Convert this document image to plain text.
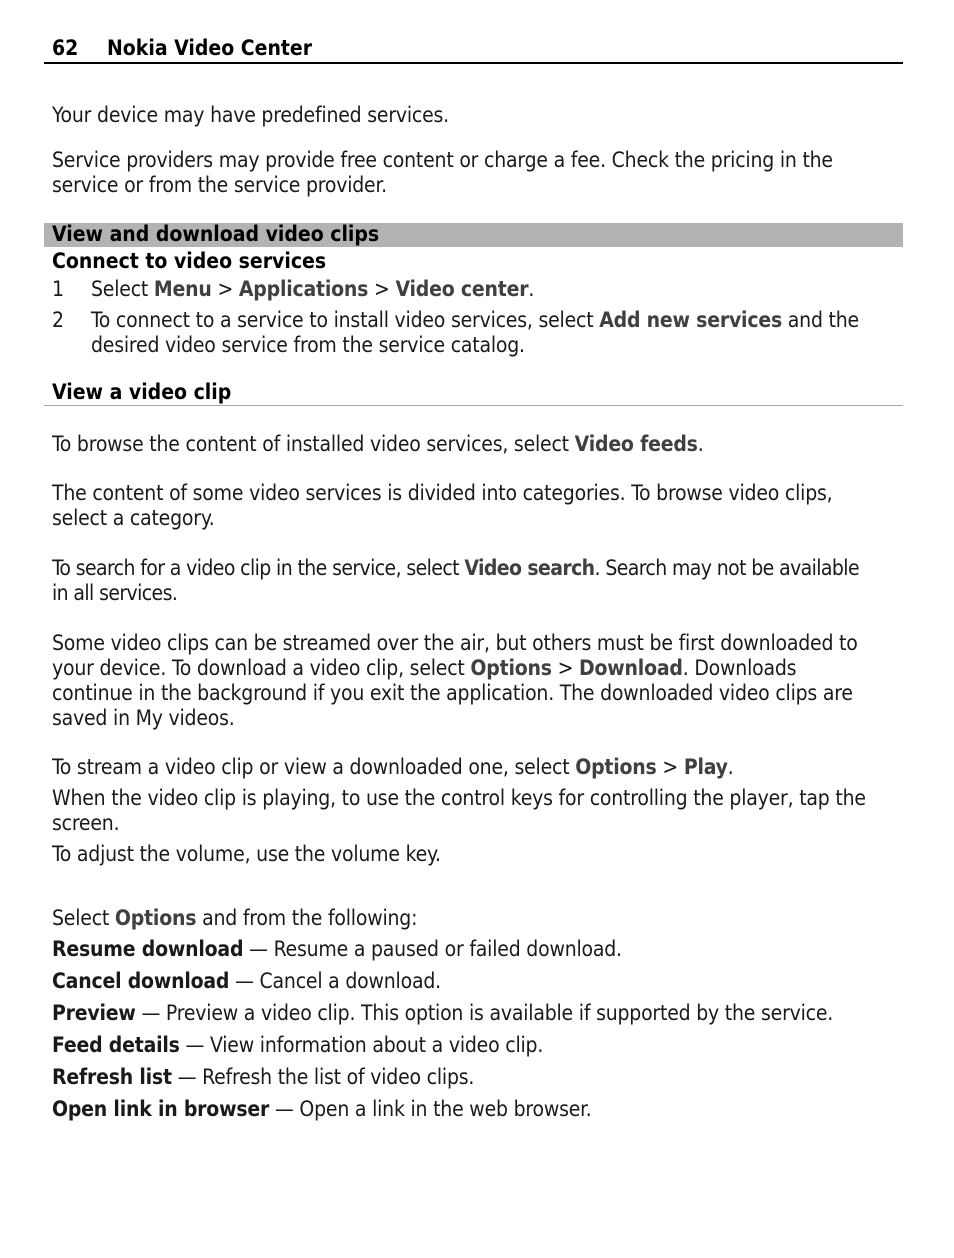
62 Nokia Video Center

Your device may have predefined services.

Service providers may provide free content or charge a fee. Check the pricing in the
service or from the service provider.

View and download video clips

Connect to video services

1 Select Menu > Applications > Video center.

2 To connect to a service to install video services, select Add new services and the
desired video service from the service catalog.

View a video clip

To browse the content of installed video services, select Video feeds.

The content of some video services is divided into categories. To browse video clips,
select a category.

To search for a video clip in the service, select Video search. Search may not be available
in all services.

Some video clips can be streamed over the air, but others must be first downloaded to
your device. To download a video clip, select Options > Download. Downloads
continue in the background if you exit the application. The downloaded video clips are
saved in My videos.

To stream a video clip or view a downloaded one, select Options > Play.

When the video clip is playing, to use the control keys for controlling the player, tap the
screen.

To adjust the volume, use the volume key.

Select Options and from the following:

Resume download — Resume a paused or failed download.

Cancel download — Cancel a download.

Preview — Preview a video clip. This option is available if supported by the service.

Feed details — View information about a video clip.

Refresh list — Refresh the list of video clips.

Open link in browser — Open a link in the web browser.
